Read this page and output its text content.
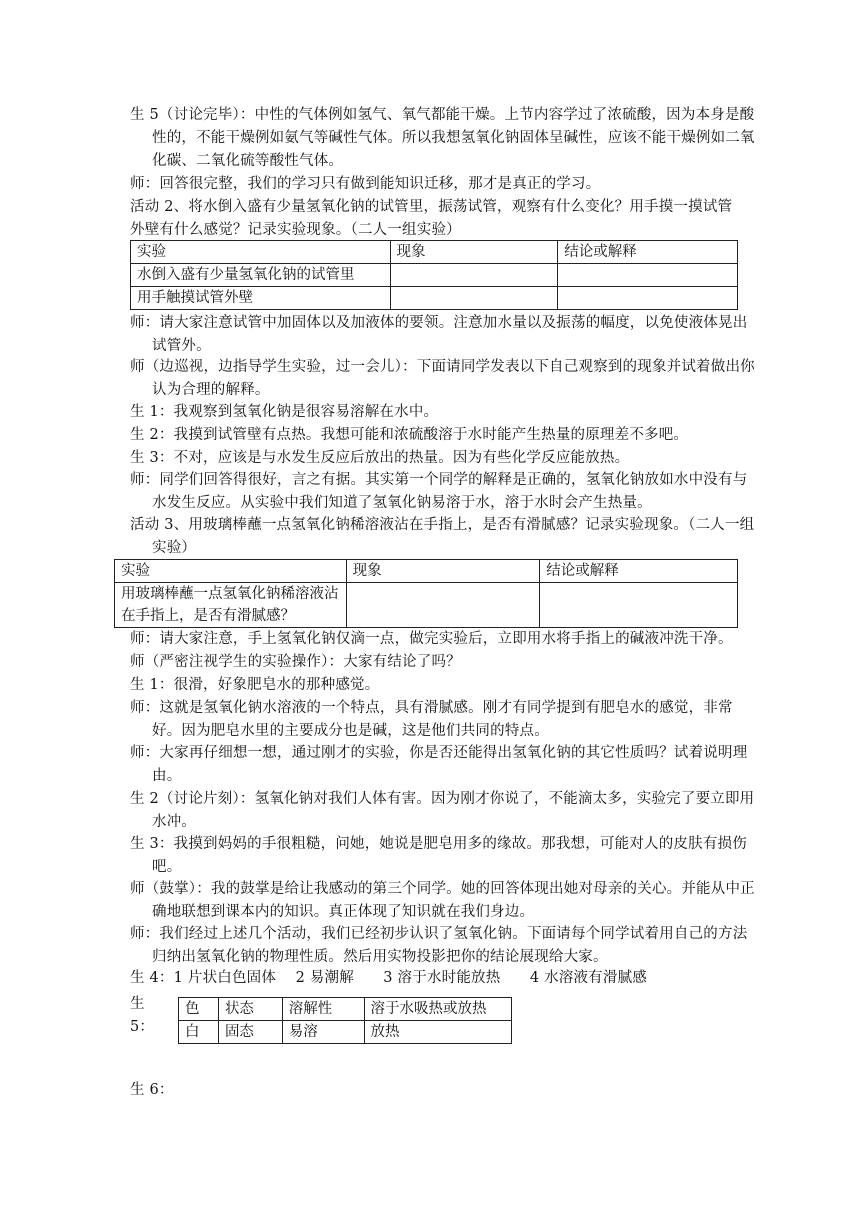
生 5（讨论完毕）：中性的气体例如氢气、氧气都能干燥。上节内容学过了浓硫酸，因为本身是酸性的，不能干燥例如氨气等碱性气体。所以我想氢氧化钠固体呈碱性，应该不能干燥例如二氧化碳、二氧化硫等酸性气体。
师：回答很完整，我们的学习只有做到能知识迁移，那才是真正的学习。
活动 2、将水倒入盛有少量氢氧化钠的试管里，振荡试管，观察有什么变化？用手摸一摸试管外壁有什么感觉？记录实验现象。（二人一组实验）
实验	现象	结论或解释
水倒入盛有少量氢氧化钠的试管里		
用手触摸试管外壁		
师：请大家注意试管中加固体以及加液体的要领。注意加水量以及振荡的幅度，以免使液体晃出试管外。
师（边巡视，边指导学生实验，过一会儿）：下面请同学发表以下自己观察到的现象并试着做出你认为合理的解释。
生 1：我观察到氢氧化钠是很容易溶解在水中。
生 2：我摸到试管壁有点热。我想可能和浓硫酸溶于水时能产生热量的原理差不多吧。
生 3：不对，应该是与水发生反应后放出的热量。因为有些化学反应能放热。
师：同学们回答得很好，言之有据。其实第一个同学的解释是正确的，氢氧化钠放如水中没有与水发生反应。从实验中我们知道了氢氧化钠易溶于水，溶于水时会产生热量。
活动 3、用玻璃棒蘸一点氢氧化钠稀溶液沾在手指上，是否有滑腻感？记录实验现象。（二人一组实验）
实验	现象	结论或解释
用玻璃棒蘸一点氢氧化钠稀溶液沾在手指上，是否有滑腻感？		
师：请大家注意，手上氢氧化钠仅滴一点，做完实验后，立即用水将手指上的碱液冲洗干净。
师（严密注视学生的实验操作）：大家有结论了吗？
生 1：很滑，好象肥皂水的那种感觉。
师：这就是氢氧化钠水溶液的一个特点，具有滑腻感。刚才有同学提到有肥皂水的感觉，非常好。因为肥皂水里的主要成分也是碱，这是他们共同的特点。
师：大家再仔细想一想，通过刚才的实验，你是否还能得出氢氧化钠的其它性质吗？试着说明理由。
生 2（讨论片刻）：氢氧化钠对我们人体有害。因为刚才你说了，不能滴太多，实验完了要立即用水冲。
生 3：我摸到妈妈的手很粗糙，问她，她说是肥皂用多的缘故。那我想，可能对人的皮肤有损伤吧。
师（鼓掌）：我的鼓掌是给让我感动的第三个同学。她的回答体现出她对母亲的关心。并能从中正确地联想到课本内的知识。真正体现了知识就在我们身边。
师：我们经过上述几个活动，我们已经初步认识了氢氧化钠。下面请每个同学试着用自己的方法归纳出氢氧化钠的物理性质。然后用实物投影把你的结论展现给大家。
生 4：1 片状白色固体　 2 易潮解　　3 溶于水时能放热　　4 水溶液有滑腻感
生 5：
色	状态	溶解性	溶于水吸热或放热
白	固态	易溶	放热
生 6：
